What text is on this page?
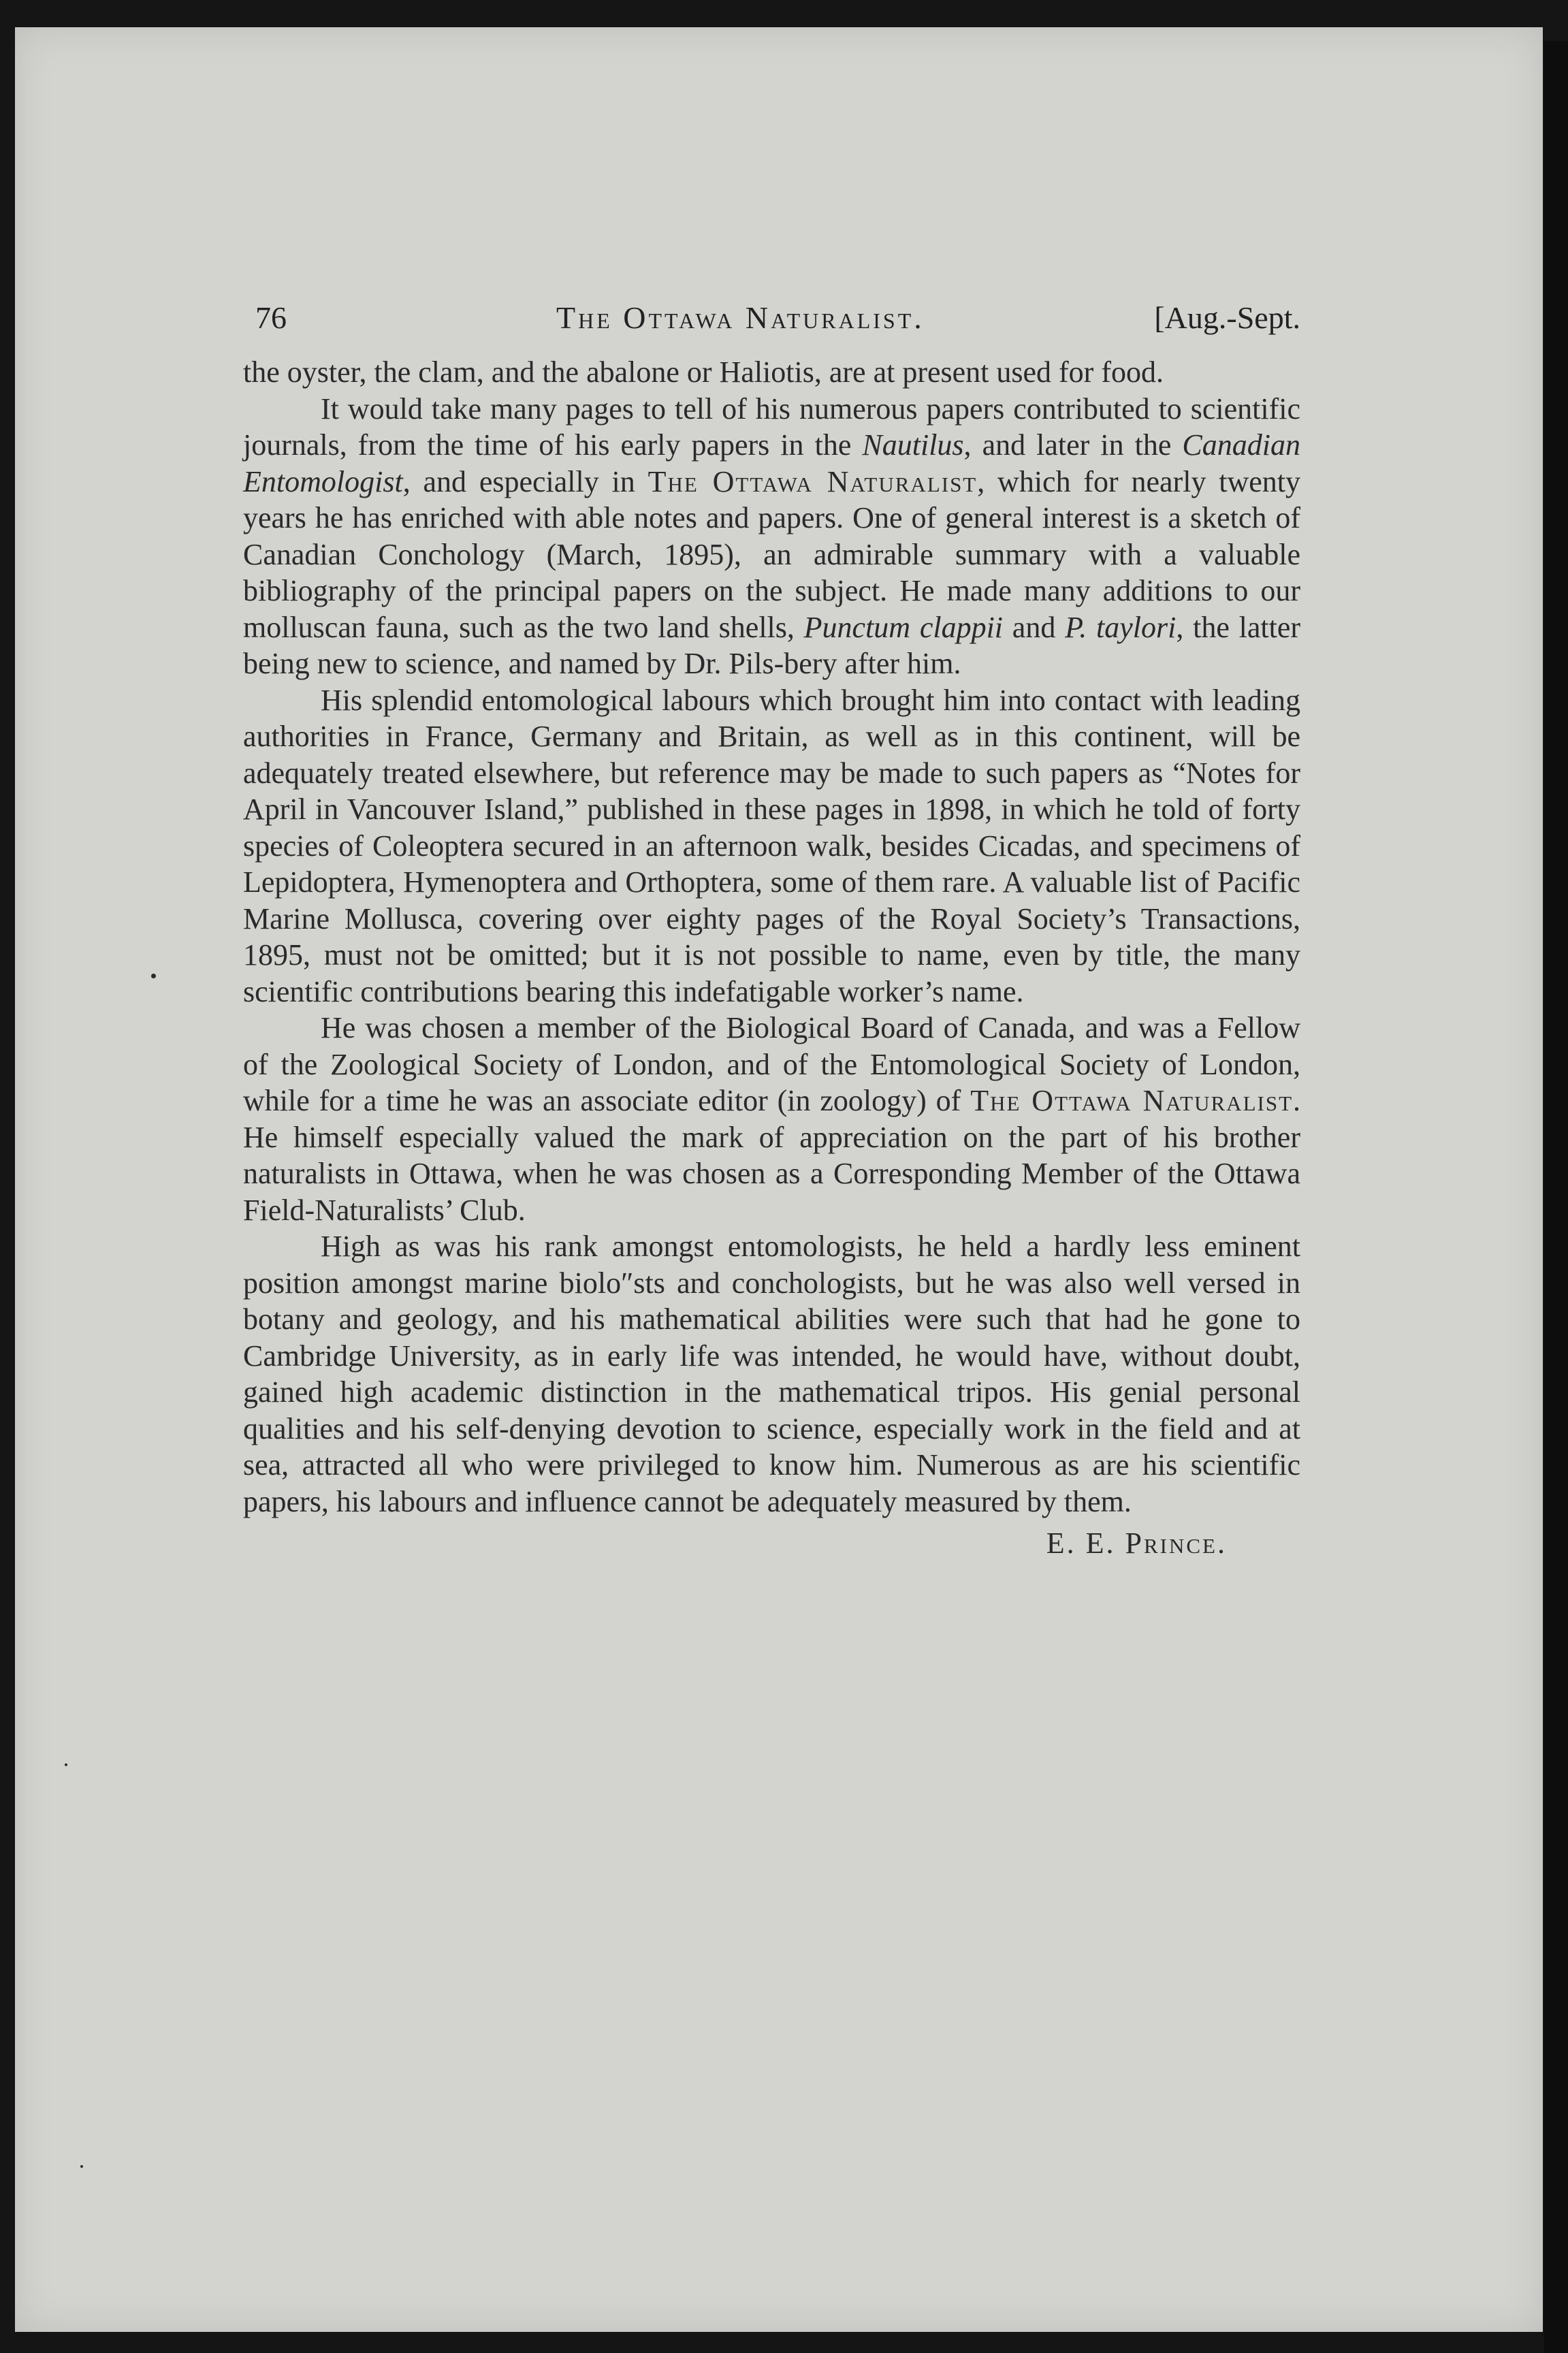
76	The Ottawa Naturalist.	[Aug.-Sept.

the oyster, the clam, and the abalone or Haliotis, are at present used for food.

It would take many pages to tell of his numerous papers contributed to scientific journals, from the time of his early papers in the Nautilus, and later in the Canadian Entomologist, and especially in The Ottawa Naturalist, which for nearly twenty years he has enriched with able notes and papers. One of general interest is a sketch of Canadian Conchology (March, 1895), an admirable summary with a valuable bibliography of the principal papers on the subject. He made many additions to our molluscan fauna, such as the two land shells, Punctum clappii and P. taylori, the latter being new to science, and named by Dr. Pils-bery after him.

His splendid entomological labours which brought him into contact with leading authorities in France, Germany and Britain, as well as in this continent, will be adequately treated elsewhere, but reference may be made to such papers as “Notes for April in Vancouver Island,” published in these pages in 1898, in which he told of forty species of Coleoptera secured in an afternoon walk, besides Cicadas, and specimens of Lepidoptera, Hymenoptera and Orthoptera, some of them rare. A valuable list of Pacific Marine Mollusca, covering over eighty pages of the Royal Society’s Transactions, 1895, must not be omitted; but it is not possible to name, even by title, the many scientific contributions bearing this indefatigable worker’s name.

He was chosen a member of the Biological Board of Canada, and was a Fellow of the Zoological Society of London, and of the Entomological Society of London, while for a time he was an associate editor (in zoology) of The Ottawa Naturalist. He himself especially valued the mark of appreciation on the part of his brother naturalists in Ottawa, when he was chosen as a Corresponding Member of the Ottawa Field-Naturalists’ Club.

High as was his rank amongst entomologists, he held a hardly less eminent position amongst marine biolo″sts and conchologists, but he was also well versed in botany and geology, and his mathematical abilities were such that had he gone to Cambridge University, as in early life was intended, he would have, without doubt, gained high academic distinction in the mathematical tripos. His genial personal qualities and his self-denying devotion to science, especially work in the field and at sea, attracted all who were privileged to know him. Numerous as are his scientific papers, his labours and influence cannot be adequately measured by them.

E. E. Prince.
